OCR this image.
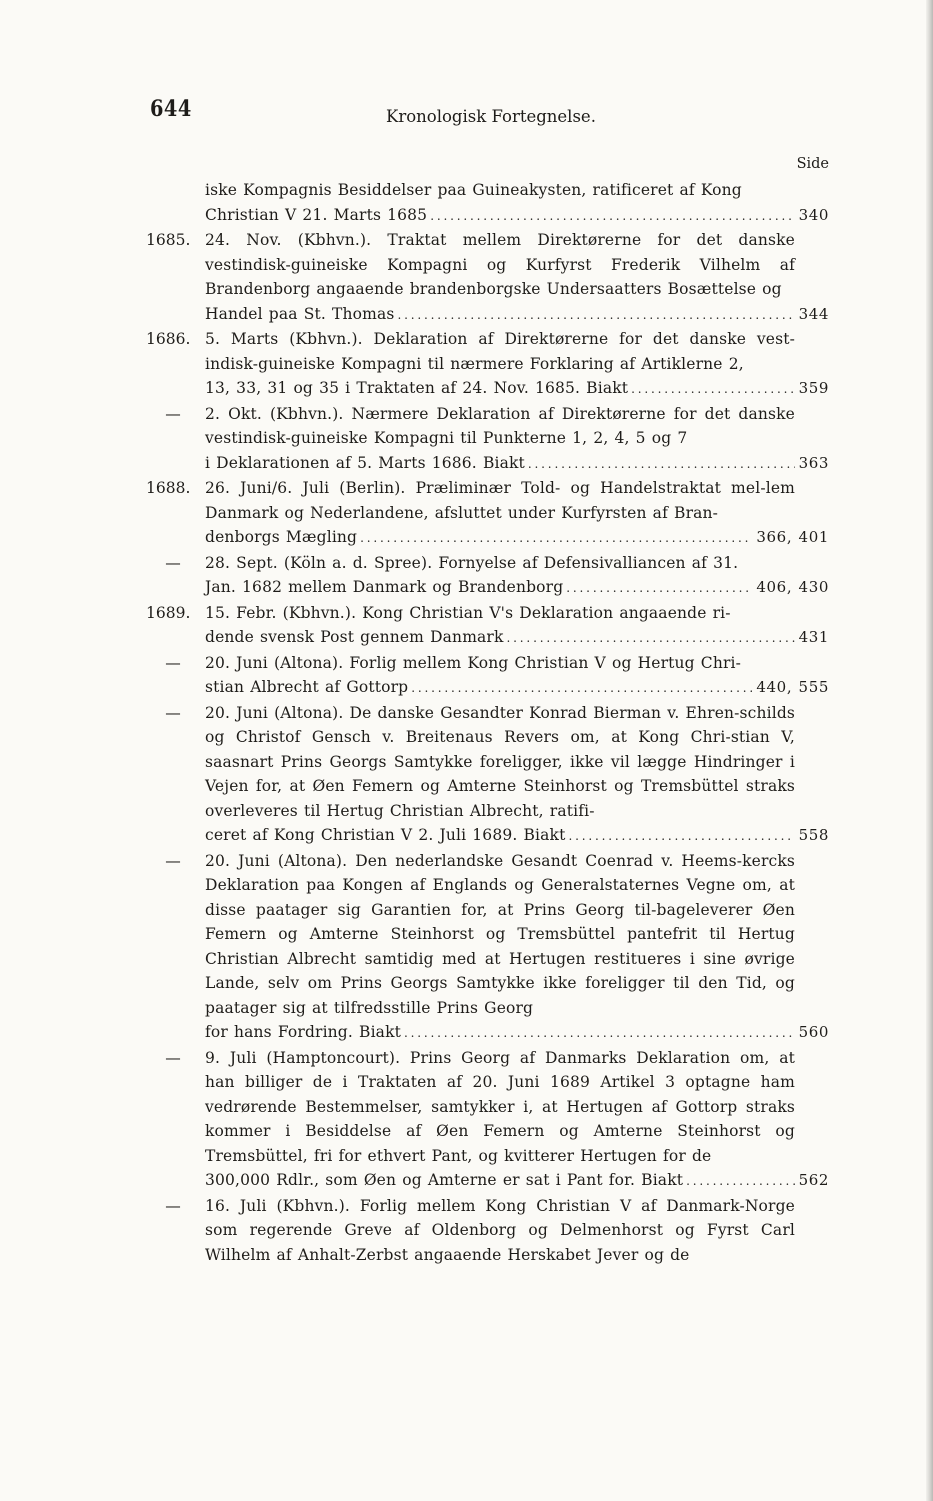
644	Kronologisk Fortegnelse.
Side
iske Kompagnis Besiddelser paa Guineakysten, ratificeret af Kong
Christian V 21. Marts 1685 . . .	340
1685. 24. Nov. (Kbhvn.). Traktat mellem Direktørerne for det danske vestindisk-guineiske Kompagni og Kurfyrst Frederik Vilhelm af Brandenborg angaaende brandenborgske Undersaatters Bosættelse og
Handel paa St. Thomas . . .	344
1686. 5. Marts (Kbhvn.). Deklaration af Direktørerne for det danske vest-indisk-guineiske Kompagni til nærmere Forklaring af Artiklerne 2,
13, 33, 31 og 35 i Traktaten af 24. Nov. 1685. Biakt . . .	359
— 2. Okt. (Kbhvn.). Nærmere Deklaration af Direktørerne for det danske vestindisk-guineiske Kompagni til Punkterne 1, 2, 4, 5 og 7
i Deklarationen af 5. Marts 1686. Biakt . . .	363
1688. 26. Juni/6. Juli (Berlin). Præliminær Told- og Handelstraktat mel-lem Danmark og Nederlandene, afsluttet under Kurfyrsten af Bran-
denborgs Mægling . . .	366, 401
— 28. Sept. (Köln a. d. Spree). Fornyelse af Defensivalliancen af 31.
Jan. 1682 mellem Danmark og Brandenborg . . .	406, 430
1689. 15. Febr. (Kbhvn.). Kong Christian V's Deklaration angaaende ri-
dende svensk Post gennem Danmark . . .	431
— 20. Juni (Altona). Forlig mellem Kong Christian V og Hertug Chri-
stian Albrecht af Gottorp . . .	440, 555
— 20. Juni (Altona). De danske Gesandter Konrad Bierman v. Ehren-schilds og Christof Gensch v. Breitenaus Revers om, at Kong Chri-stian V, saasnart Prins Georgs Samtykke foreligger, ikke vil lægge Hindringer i Vejen for, at Øen Femern og Amterne Steinhorst og Tremsbüttel straks overleveres til Hertug Christian Albrecht, ratifi-
ceret af Kong Christian V 2. Juli 1689. Biakt . . .	558
— 20. Juni (Altona). Den nederlandske Gesandt Coenrad v. Heems-kercks Deklaration paa Kongen af Englands og Generalstaternes Vegne om, at disse paatager sig Garantien for, at Prins Georg til-bageleverer Øen Femern og Amterne Steinhorst og Tremsbüttel pantefrit til Hertug Christian Albrecht samtidig med at Hertugen restitueres i sine øvrige Lande, selv om Prins Georgs Samtykke ikke foreligger til den Tid, og paatager sig at tilfredsstille Prins Georg
for hans Fordring. Biakt . . .	560
— 9. Juli (Hamptoncourt). Prins Georg af Danmarks Deklaration om, at han billiger de i Traktaten af 20. Juni 1689 Artikel 3 optagne ham vedrørende Bestemmelser, samtykker i, at Hertugen af Gottorp straks kommer i Besiddelse af Øen Femern og Amterne Steinhorst og Tremsbüttel, fri for ethvert Pant, og kvitterer Hertugen for de
300,000 Rdlr., som Øen og Amterne er sat i Pant for. Biakt . . .	562
— 16. Juli (Kbhvn.). Forlig mellem Kong Christian V af Danmark-Norge som regerende Greve af Oldenborg og Delmenhorst og Fyrst Carl Wilhelm af Anhalt-Zerbst angaaende Herskabet Jever og de
